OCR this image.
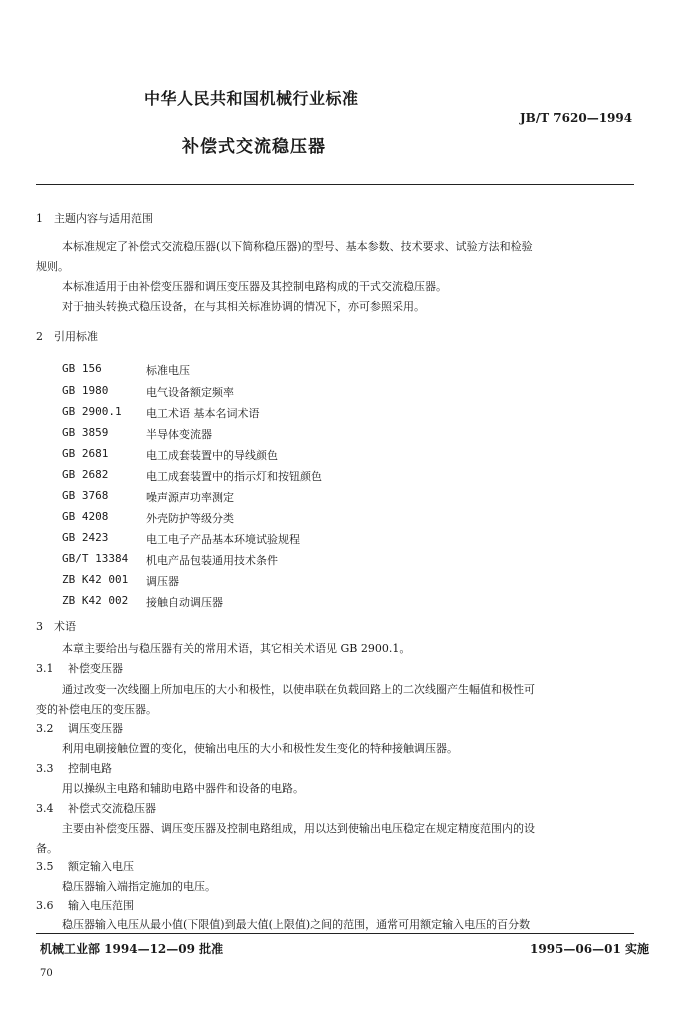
中华人民共和国机械行业标准
JB/T 7620—1994
补偿式交流稳压器
1　主题内容与适用范围
本标准规定了补偿式交流稳压器(以下简称稳压器)的型号、基本参数、技术要求、试验方法和检验
规则。
本标准适用于由补偿变压器和调压变压器及其控制电路构成的干式交流稳压器。
对于抽头转换式稳压设备，在与其相关标准协调的情况下，亦可参照采用。
2　引用标准
GB 156	标准电压
GB 1980	电气设备额定频率
GB 2900.1 电工术语 基本名词术语
GB 3859	半导体变流器
GB 2681	电工成套装置中的导线颜色
GB 2682	电工成套装置中的指示灯和按钮颜色
GB 3768	噪声源声功率测定
GB 4208	外壳防护等级分类
GB 2423	电工电子产品基本环境试验规程
GB/T 13384 机电产品包装通用技术条件
ZB K42 001 调压器
ZB K42 002 接触自动调压器
3　术语
本章主要给出与稳压器有关的常用术语，其它相关术语见 GB 2900.1。
3.1 补偿变压器
通过改变一次线圈上所加电压的大小和极性，以使串联在负载回路上的二次线圈产生幅值和极性可
变的补偿电压的变压器。
3.2 调压变压器
利用电刷接触位置的变化，使输出电压的大小和极性发生变化的特种接触调压器。
3.3 控制电路
用以操纵主电路和辅助电路中器件和设备的电路。
3.4 补偿式交流稳压器
主要由补偿变压器、调压变压器及控制电路组成，用以达到使输出电压稳定在规定精度范围内的设
备。
3.5 额定输入电压
稳压器输入端指定施加的电压。
3.6 输入电压范围
稳压器输入电压从最小值(下限值)到最大值(上限值)之间的范围，通常可用额定输入电压的百分数
机械工业部 1994—12—09 批准	1995—06—01 实施
70
